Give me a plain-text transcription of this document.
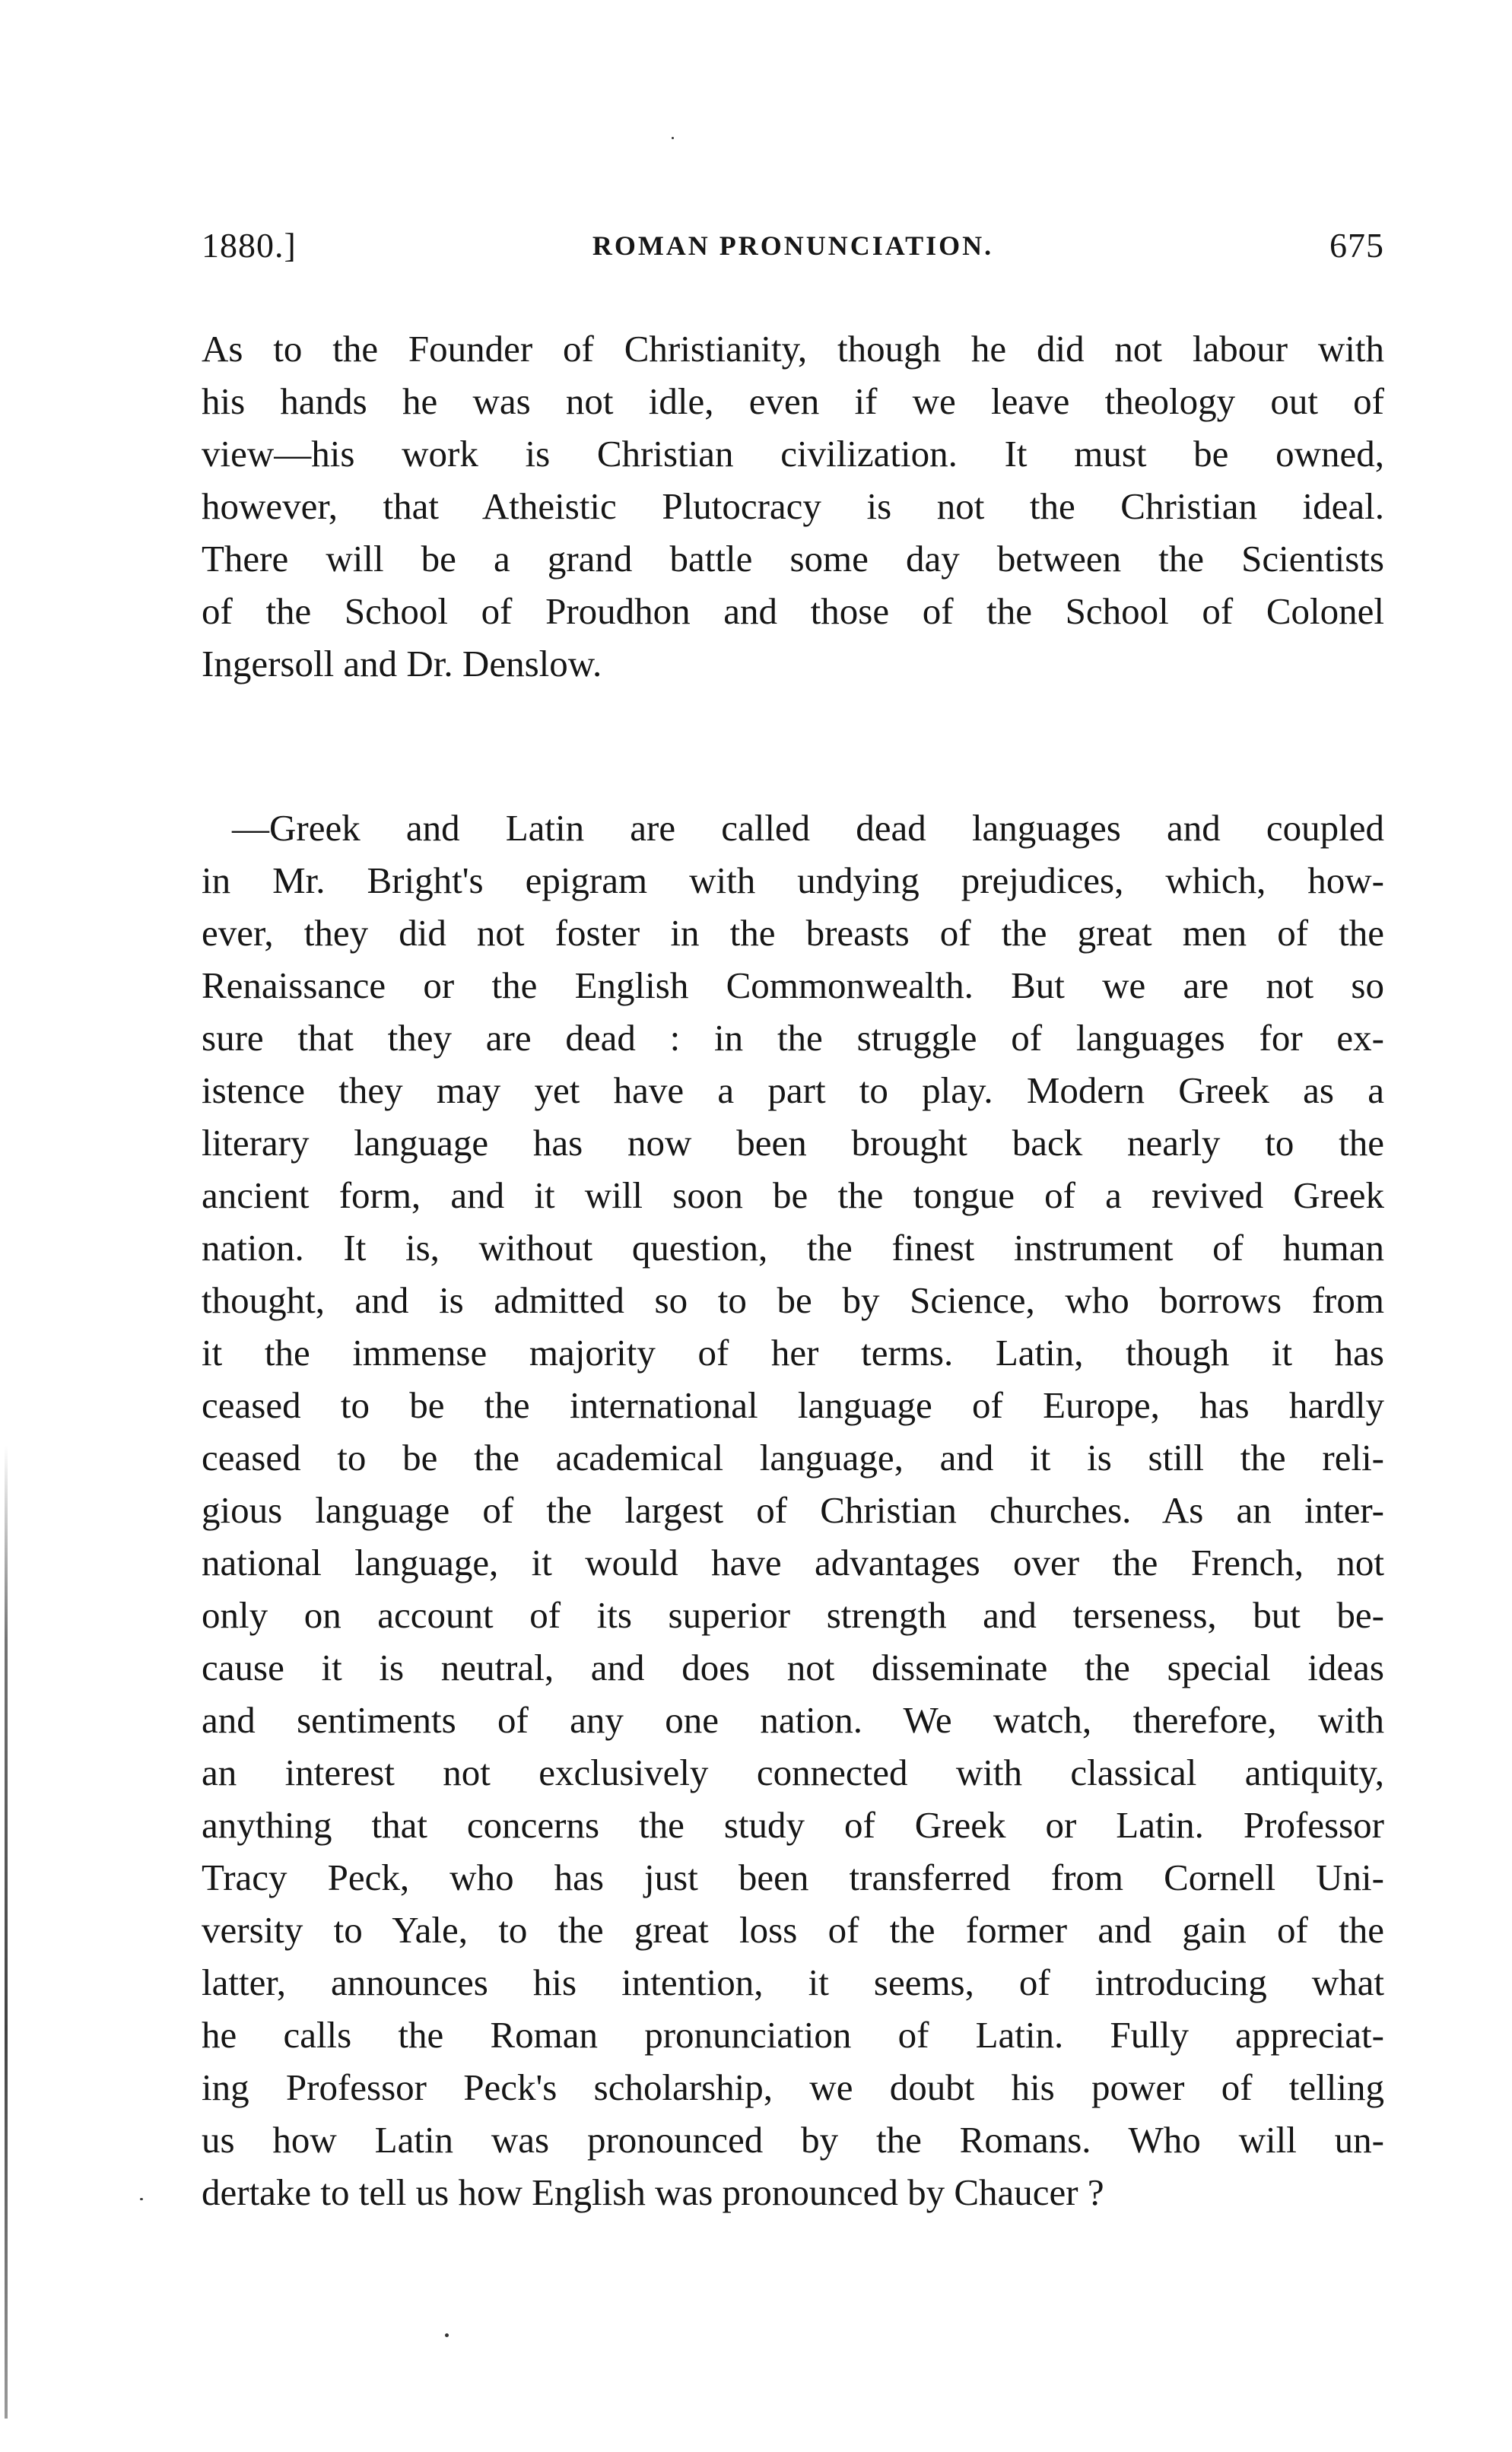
1880.]	ROMAN PRONUNCIATION.	675
As to the Founder of Christianity, though he did not labour with
his hands he was not idle, even if we leave theology out of
view—his work is Christian civilization. It must be owned,
however, that Atheistic Plutocracy is not the Christian ideal.
There will be a grand battle some day between the Scientists
of the School of Proudhon and those of the School of Colonel
Ingersoll and Dr. Denslow.
—Greek and Latin are called dead languages and coupled
in Mr. Bright's epigram with undying prejudices, which, how-
ever, they did not foster in the breasts of the great men of the
Renaissance or the English Commonwealth. But we are not so
sure that they are dead : in the struggle of languages for ex-
istence they may yet have a part to play. Modern Greek as a
literary language has now been brought back nearly to the
ancient form, and it will soon be the tongue of a revived Greek
nation. It is, without question, the finest instrument of human
thought, and is admitted so to be by Science, who borrows from
it the immense majority of her terms. Latin, though it has
ceased to be the international language of Europe, has hardly
ceased to be the academical language, and it is still the reli-
gious language of the largest of Christian churches. As an inter-
national language, it would have advantages over the French, not
only on account of its superior strength and terseness, but be-
cause it is neutral, and does not disseminate the special ideas
and sentiments of any one nation. We watch, therefore, with
an interest not exclusively connected with classical antiquity,
anything that concerns the study of Greek or Latin. Professor
Tracy Peck, who has just been transferred from Cornell Uni-
versity to Yale, to the great loss of the former and gain of the
latter, announces his intention, it seems, of introducing what
he calls the Roman pronunciation of Latin. Fully appreciat-
ing Professor Peck's scholarship, we doubt his power of telling
us how Latin was pronounced by the Romans. Who will un-
dertake to tell us how English was pronounced by Chaucer ?
